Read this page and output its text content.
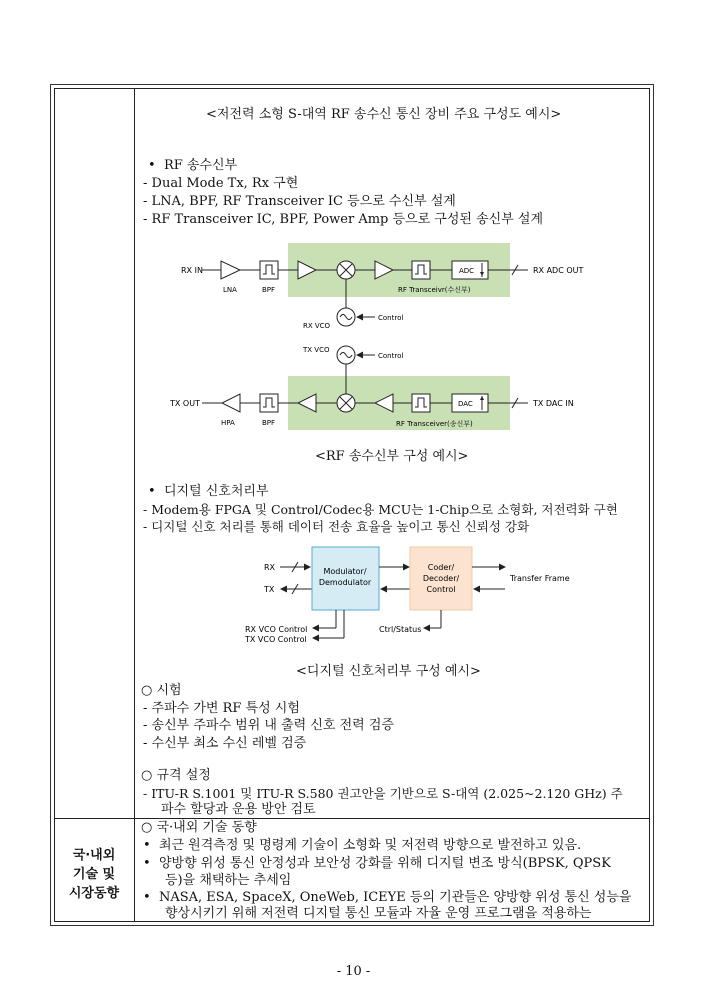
<저전력 소형 S-대역 RF 송수신 통신 장비 주요 구성도 예시>
•  RF 송수신부
- Dual Mode Tx, Rx 구현
- LNA, BPF, RF Transceiver IC 등으로 수신부 설계
- RF Transceiver IC, BPF, Power Amp 등으로 구성된 송신부 설계
RX IN
LNA	BPF
ADC	RX ADC OUT
RF Transceivr(수신부)
RX VCO
Control
TX VCO
Control
TX OUT
HPA	BPF
DAC	TX DAC IN
RF Transceiver(송신부)
<RF 송수신부 구성 예시>
•  디지털 신호처리부
- Modem용 FPGA 및 Control/Codec용 MCU는 1-Chip으로 소형화, 저전력화 구현
- 디지털 신호 처리를 통해 데이터 전송 효율을 높이고 통신 신뢰성 강화
RX
TX
Modulator/
Demodulator
Coder/
Decoder/
Control
Transfer Frame
RX VCO Control
TX VCO Control
Ctrl/Status
<디지털 신호처리부 구성 예시>
○ 시험
- 주파수 가변 RF 특성 시험
- 송신부 주파수 범위 내 출력 신호 전력 검증
- 수신부 최소 수신 레벨 검증
○ 규격 설정
- ITU-R S.1001 및 ITU-R S.580 권고안을 기반으로 S-대역 (2.025~2.120 GHz) 주
파수 할당과 운용 방안 검토
국·내외
기술 및
시장동향
○ 국·내외 기술 동향
•  최근 원격측정 및 명령계 기술이 소형화 및 저전력 방향으로 발전하고 있음.
•  양방향 위성 통신 안정성과 보안성 강화를 위해 디지털 변조 방식(BPSK, QPSK
등)을 채택하는 추세임
•  NASA, ESA, SpaceX, OneWeb, ICEYE 등의 기관들은 양방향 위성 통신 성능을
향상시키기 위해 저전력 디지털 통신 모듈과 자율 운영 프로그램을 적용하는
- 10 -
